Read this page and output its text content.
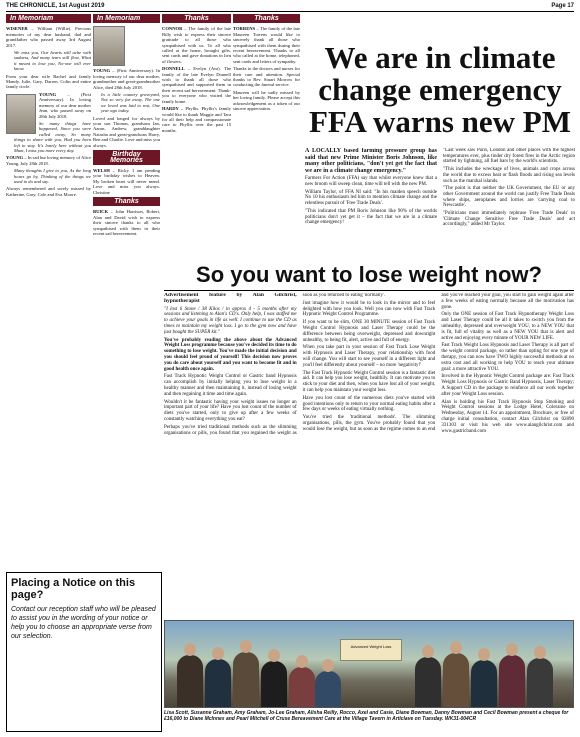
THE CHRONICLE, 1st August 2019	Page 17
In Memoriam

WISENER – William (Willie). Precious memories of my dear husband, dad and grandfather who passed away 3rd August 2017.

We miss you, Our hearts still ache with sadness, And many tears still flow, What it meant to lose you, No-one will ever know.

From your dear wife Rachel and family Mandy, Julie, Gary, Darren, Colin and entire family circle.

YOUNG – (First Anniversary). In loving memory of our dear mother Jean, who passed away on 28th July 2018.

So many things have happened, Since you were called away, So many things to share with you, Had you been left to stay. It's lonely here without you Mum, I miss you more every day.

YOUNG – In sad but loving memory of Alice Young, July 28th 2018.

Many thoughts I give to you, As the long hours go by, Thinking of the things we used to do and say.

Always remembered and sorely missed by Katherine, Gary, Cole and Eva Moore.

In Memoriam

YOUNG – (First Anniversary). In loving memory of our dear mother, grandmother and great-grandmother Alice, died 28th July 2018.

In a little country graveyard, Not so very far away, The one we loved was laid to rest, One year ago today.

Loved and longed for always by your son Thomas, grandsons Ian, Aaron, Andrew, granddaughter Natasha and great-grandsons Harry, Ben and Charlie. Love and miss you always.

Birthday Memories

WELSH – Ricky. I am pending your birthday wishes to Heaven. My broken heart will never mend. Love and miss you always. Christine

Thanks

BUICK – John Harrison, Robert, Alan and David wish to express their sincere thanks to all who sympathised with them in their recent sad bereavement.

Thanks

CONNOR – The family of the late Billy wish to express their sincere gratitude to all those who sympathised with us. To all who called at the home, brought gifts, sent cards and gave donations in lieu of flowers.

DONNELL – Evelyn (Ava). The family of the late Evelyn Donnell wish to thank all those who sympathised and supported them in their recent sad bereavement. Thank-you to everyone who visited the family home.

HARDY – Phyllis. Phyllis's family would like to thank Maggie and Tara for all their help and compassionate care to Phyllis over the past 15 months.

Thanks

TORRENS – The family of the late Maureen Torrens would like to sincerely thank all those who sympathised with them during their recent bereavement. Thanks to all who called at the home, telephoned, sent cards and letters of sympathy.

Thanks to the doctors and nurses for their care and attention. Special thanks to Rev. Stuart Morrow for conducting the funeral service.

Maureen will be sadly missed by her loving family. Please accept this acknowledgement as a token of our sincere appreciation.

Placing a Notice on this page?
Contact our reception staff who will be pleased to assist you in the wording of your notice or help you to choose an appropriate verse from our selection.
We are in climate change emergency FFA warns new PM

A LOCALLY based farming pressure group has said that new Prime Minister Boris Johnson, like many other politicians, "don't yet get the fact that we are in a climate change emergency."

Farmers For Action (FFA) say that whilst everyone knew that a new broom will sweep clean, time will tell with the new PM.

William Taylor, of FFA NI said: "In his maiden speech outside No 10 his enthusiasm led him to mention climate change and the relentless pursuit of 'Free Trade Deals'.

"This indicated that PM Boris Johnson like 90% of the worlds politicians don't yet get it – the fact that we are in a climate change emergency!

"Last week saw Paris, London and other places with the highest temperatures ever, plus tinder dry forest fires in the Arctic region started by lightning, all fuel bars by the world's scientists.

"This includes the wreckage of lives, animals and crops across the world due to excess heat or flash floods and rising sea levels such as the marshal islands.

"The point is that neither the UK Government, the EU or any other Government around the world can justify Free Trade Deals where ships, aeroplanes and lorries are 'carrying coal to Newcastle'.

"Politicians must immediately rephrase 'Free Trade Deals' to 'Climate Change Sensitive Free Trade Deals' and act accordingly," added Mr Taylor.

So you want to lose weight now?

Advertisement feature by Alan Gilchrist, hypnotherapist

"I lost 6 Stone / 38 Kilos / in approx 4 - 5 months after my sessions and listening to Alan's CD's. Only help, I was staffed me to achieve your goals in life as well. I continue to use the CD as times to maintain my weight loss. I go to the gym now and have just bought the SUPER kit."

You've probably reading the above about the Advanced Weight Loss programme because you've decided its time to do something to lose weight. You've made the initial decision and you should feel proud of yourself! This decision now proves you do care about yourself and you want to become fit and in good health once again.

Fast Track Hypnotic Weight Control or Gastric band Hypnosis can accomplish by initially helping you to lose weight in a healthy manner and then maintaining it, instead of losing weight and then regaining it time and time again.

Wouldn't it be fantastic having your weight issues no longer an important part of your life? Have you lost count of the number of diets you've started, only to give up after a few weeks of constantly watching everything you eat?

Perhaps you've tried traditional methods such as the slimming organisations or pills, you found that you regained the weight as soon as you returned to eating 'normally'.

Just imagine how it would be to look in the mirror and to feel delighted with how you look. Well you can now with Fast Track Hypnotic Weight Control Programme.

If you want to be slim, ONE 30 MINUTE session of Fast Track Weight Control Hypnosis and Laser Therapy could be the difference between being overweight, depressed and downright unhealthy, to being fit, alert, active and full of energy.

When you take part in your session of Fast Track Lose Weight with Hypnosis and Laser Therapy, your relationship with food will change. You will start to see yourself in a different light and you'll feel differently about yourself – no more 'negativity!'

The Fast Track Hypnotic Weight Control session is a fantastic diet aid. It can help you lose weight, healthily. It can motivate you to stick to your diet and then, when you have lost all of your weight, it can help you maintain your weight loss.

Have you lost count of the numerous diets you've started with good intentions only to return to your normal eating habits after a few days or weeks of eating virtually nothing.

You've tried the 'traditional methods'. The slimming organisations, pills, the gym. You've probably found that you would lose the weight, but as soon as the regime comes to an end and you've reached your goal, you start to gain weight again after a few weeks of eating normally because all the motivation has gone.

Only the ONE session of Fast Track Hypnotherapy Weight Loss and Laser Therapy could be all it takes to switch you from the unhealthy, depressed and overweight YOU, to a NEW YOU that is fit, full of vitality as well as a NEW YOU that is alert and active and enjoying every minute of YOUR NEW LIFE.

Fast Track Weight Loss Hypnosis and Laser Therapy is all part of the weight control package, so rather than opting for one type of therapy, you can now have TWO highly successful methods at no extra cost and all working to help YOU to reach your ultimate goal: a more attractive YOU.

Involved in the Hypnotic Weight Control package are: Fast Track Weight Loss Hypnosis or Gastric Band Hypnosis, Laser Therapy; A Support CD in the package to reinforce all our work together after your Weight Loss session.

Alan is holding his Fast Track Hypnosis Stop Smoking and Weight Control sessions at the Lodge Hotel, Coleraine on Wednesday, August 14. For an appointment, Brochure, or free of charge initial consultation, contact Alan Gilchrist on 02890 331303 or visit his web site www.alangilchrist.com and www.gastricband.com

Advanced Weight Loss
Lisa Scott, Susanne Graham, Amy Graham, Jo-Lee Graham, Alisha Reilly, Rocco, Axel and Casie, Diane Bowman, Danny Bowman and Cecil Bowman present a cheque for £16,000 to Diane McInnes and Pearl Mitchell of Cruse Bereavement Care at the Village Tavern in Articlave on Tuesday. WK31-004CR
